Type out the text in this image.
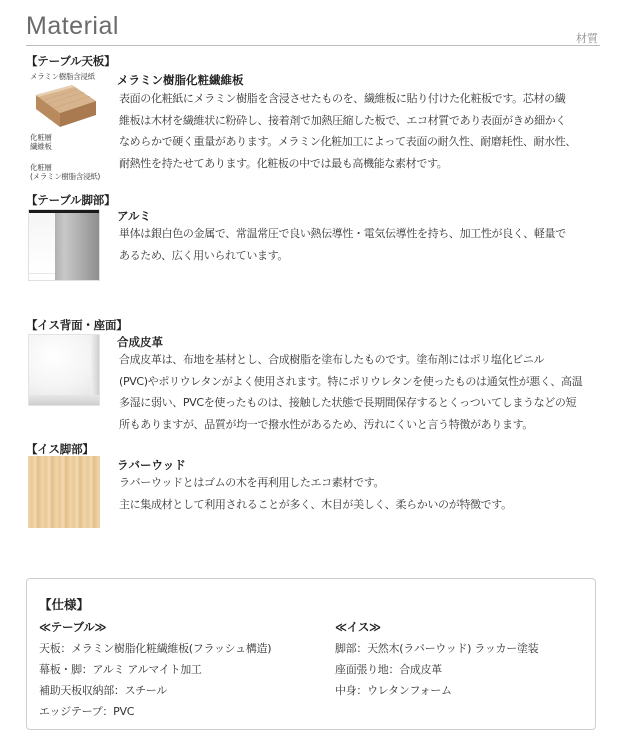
Material	材質
【テーブル天板】
メラミン樹脂含浸紙
化粧層
繊維板
化粧層
(メラミン樹脂含浸紙)
メラミン樹脂化粧繊維板
表面の化粧紙にメラミン樹脂を含浸させたものを、繊維板に貼り付けた化粧板です。芯材の繊
維板は木材を繊維状に粉砕し、接着剤で加熱圧縮した板で、エコ材質であり表面がきめ細かく
なめらかで硬く重量があります。メラミン化粧加工によって表面の耐久性、耐磨耗性、耐水性、
耐熱性を持たせてあります。化粧板の中では最も高機能な素材です。
【テーブル脚部】
アルミ
単体は銀白色の金属で、常温常圧で良い熱伝導性・電気伝導性を持ち、加工性が良く、軽量で
あるため、広く用いられています。
【イス背面・座面】
合成皮革
合成皮革は、布地を基材とし、合成樹脂を塗布したものです。塗布剤にはポリ塩化ビニル
(PVC)やポリウレタンがよく使用されます。特にポリウレタンを使ったものは通気性が悪く、高温
多湿に弱い、PVCを使ったものは、接触した状態で長期間保存するとくっついてしまうなどの短
所もありますが、品質が均一で撥水性があるため、汚れにくいと言う特徴があります。
【イス脚部】
ラバーウッド
ラバーウッドとはゴムの木を再利用したエコ素材です。
主に集成材として利用されることが多く、木目が美しく、柔らかいのが特徴です。
【仕様】
≪テーブル≫
天板：メラミン樹脂化粧繊維板(フラッシュ構造)
幕板・脚：アルミ アルマイト加工
補助天板収納部：スチール
エッジテープ：PVC
≪イス≫
脚部：天然木(ラバーウッド) ラッカー塗装
座面張り地：合成皮革
中身：ウレタンフォーム
